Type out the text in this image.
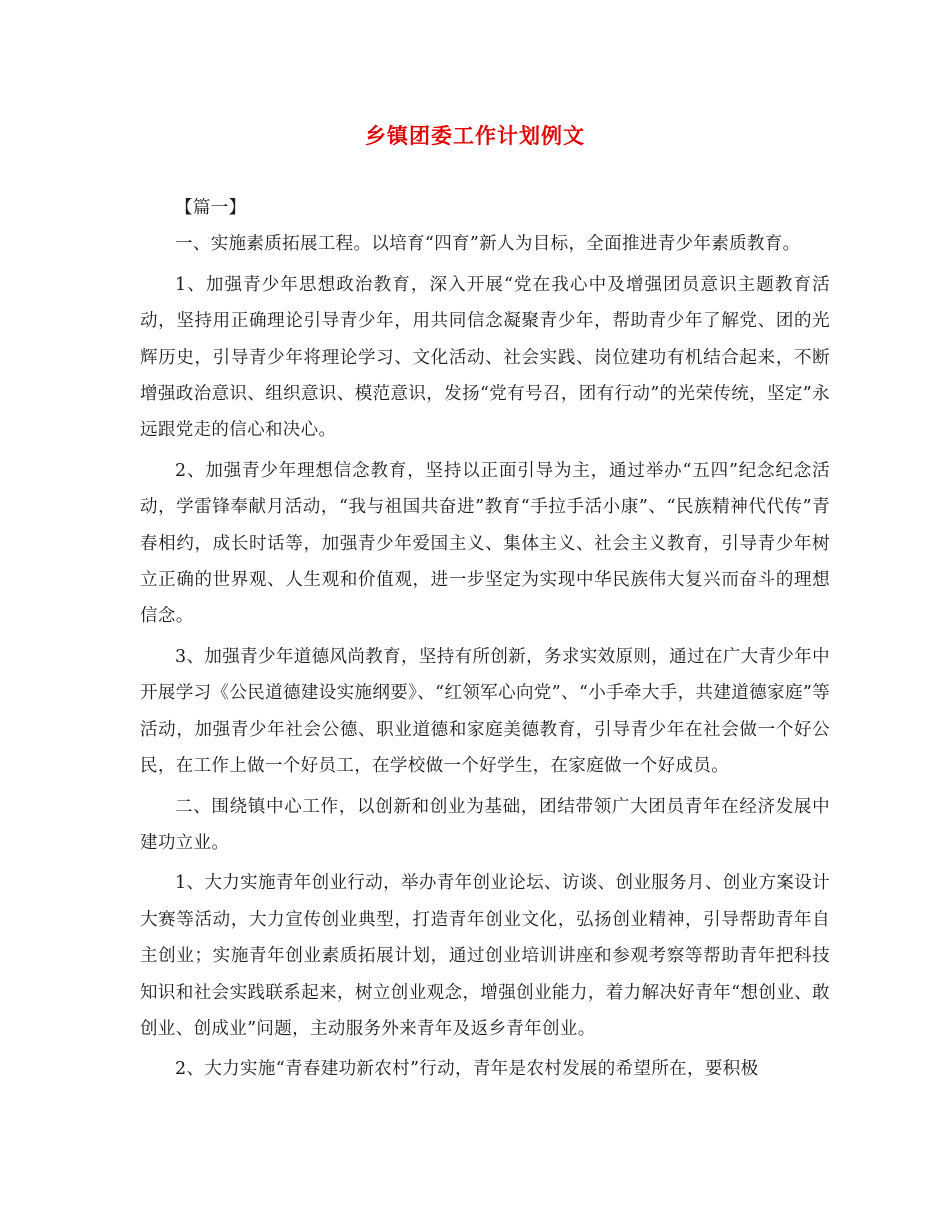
乡镇团委工作计划例文

【篇一】

一、实施素质拓展工程。以培育“四育”新人为目标，全面推进青少年素质教育。

1、加强青少年思想政治教育，深入开展“党在我心中及增强团员意识主题教育活动，坚持用正确理论引导青少年，用共同信念凝聚青少年，帮助青少年了解党、团的光辉历史，引导青少年将理论学习、文化活动、社会实践、岗位建功有机结合起来，不断增强政治意识、组织意识、模范意识，发扬“党有号召，团有行动”的光荣传统，坚定”永远跟党走的信心和决心。

2、加强青少年理想信念教育，坚持以正面引导为主，通过举办“五四”纪念纪念活动，学雷锋奉献月活动，“我与祖国共奋进”教育“手拉手活小康”、“民族精神代代传”青春相约，成长时话等，加强青少年爱国主义、集体主义、社会主义教育，引导青少年树立正确的世界观、人生观和价值观，进一步坚定为实现中华民族伟大复兴而奋斗的理想信念。

3、加强青少年道德风尚教育，坚持有所创新，务求实效原则，通过在广大青少年中开展学习《公民道德建设实施纲要》、“红领军心向党”、“小手牵大手，共建道德家庭”等活动，加强青少年社会公德、职业道德和家庭美德教育，引导青少年在社会做一个好公民，在工作上做一个好员工，在学校做一个好学生，在家庭做一个好成员。

二、围绕镇中心工作，以创新和创业为基础，团结带领广大团员青年在经济发展中建功立业。

1、大力实施青年创业行动，举办青年创业论坛、访谈、创业服务月、创业方案设计大赛等活动，大力宣传创业典型，打造青年创业文化，弘扬创业精神，引导帮助青年自主创业；实施青年创业素质拓展计划，通过创业培训讲座和参观考察等帮助青年把科技知识和社会实践联系起来，树立创业观念，增强创业能力，着力解决好青年“想创业、敢创业、创成业”问题，主动服务外来青年及返乡青年创业。

2、大力实施“青春建功新农村”行动，青年是农村发展的希望所在，要积极
